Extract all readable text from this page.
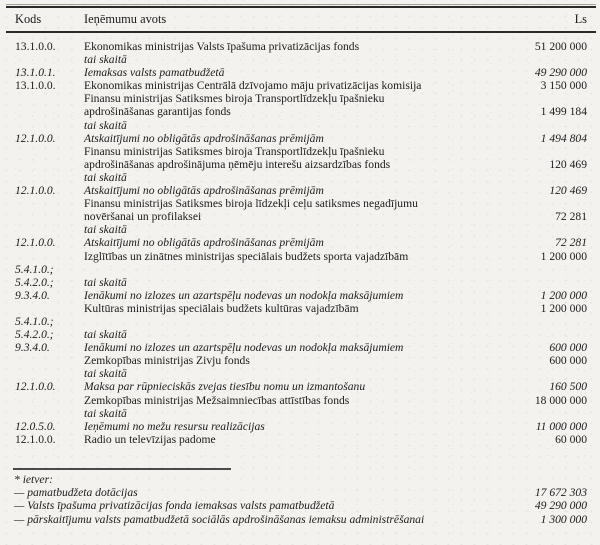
Kods	Ieņēmumu avots	Ls
13.1.0.0.	Ekonomikas ministrijas Valsts īpašuma privatizācijas fonds	51 200 000
tai skaitā
13.1.0.1.	Iemaksas valsts pamatbudžetā	49 290 000
13.1.0.0.	Ekonomikas ministrijas Centrālā dzīvojamo māju privatizācijas komisija	3 150 000
Finansu ministrijas Satiksmes biroja Transportlīdzekļu īpašnieku
apdrošināšanas garantijas fonds	1 499 184
tai skaitā
12.1.0.0.	Atskaitījumi no obligātās apdrošināšanas prēmijām	1 494 804
Finansu ministrijas Satiksmes biroja Transportlīdzekļu īpašnieku
apdrošināšanas apdrošinājuma ņēmēju interešu aizsardzības fonds	120 469
tai skaitā
12.1.0.0.	Atskaitījumi no obligātās apdrošināšanas prēmijām	120 469
Finansu ministrijas Satiksmes biroja līdzekļi ceļu satiksmes negadījumu
novēršanai un profilaksei	72 281
tai skaitā
12.1.0.0.	Atskaitījumi no obligātās apdrošināšanas prēmijām	72 281
Izglītības un zinātnes ministrijas speciālais budžets sporta vajadzībām	1 200 000
5.4.1.0.;
5.4.2.0.;	tai skaitā
9.3.4.0.	Ienākumi no izlozes un azartspēļu nodevas un nodokļa maksājumiem	1 200 000
Kultūras ministrijas speciālais budžets kultūras vajadzībām	1 200 000
5.4.1.0.;
5.4.2.0.;	tai skaitā
9.3.4.0.	Ienākumi no izlozes un azartspēļu nodevas un nodokļa maksājumiem	600 000
Zemkopības ministrijas Zivju fonds	600 000
tai skaitā
12.1.0.0.	Maksa par rūpnieciskās zvejas tiesību nomu un izmantošanu	160 500
Zemkopības ministrijas Mežsaimniecības attīstības fonds	18 000 000
tai skaitā
12.0.5.0.	Ieņēmumi no mežu resursu realizācijas	11 000 000
12.1.0.0.	Radio un televīzijas padome	60 000
* ietver:
— pamatbudžeta dotācijas	17 672 303
— Valsts īpašuma privatizācijas fonda iemaksas valsts pamatbudžetā	49 290 000
— pārskaitījumu valsts pamatbudžetā sociālās apdrošināšanas iemaksu administrēšanai	1 300 000
